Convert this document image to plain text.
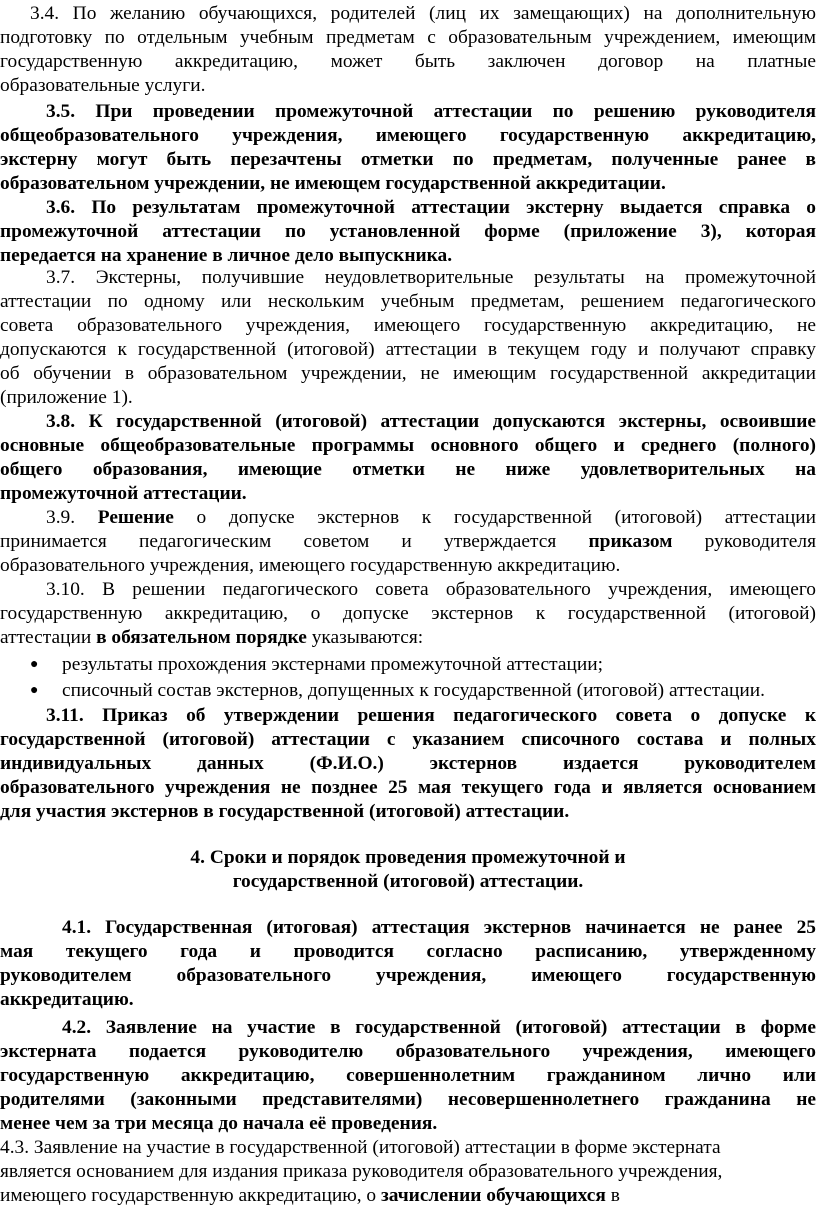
3.4. По желанию обучающихся, родителей (лиц их замещающих) на дополнительную
подготовку по отдельным учебным предметам с образовательным учреждением, имеющим
государственную аккредитацию, может быть заключен договор на платные
образовательные услуги.
3.5. При проведении промежуточной аттестации по решению руководителя
общеобразовательного учреждения, имеющего государственную аккредитацию,
экстерну могут быть перезачтены отметки по предметам, полученные ранее в
образовательном учреждении, не имеющем государственной аккредитации.
3.6. По результатам промежуточной аттестации экстерну выдается справка о
промежуточной аттестации по установленной форме (приложение 3), которая
передается на хранение в личное дело выпускника.
3.7. Экстерны, получившие неудовлетворительные результаты на промежуточной
аттестации по одному или нескольким учебным предметам, решением педагогического
совета образовательного учреждения, имеющего государственную аккредитацию, не
допускаются к государственной (итоговой) аттестации в текущем году и получают справку
об обучении в образовательном учреждении, не имеющим государственной аккредитации
(приложение 1).
3.8. К государственной (итоговой) аттестации допускаются экстерны, освоившие
основные общеобразовательные программы основного общего и среднего (полного)
общего образования, имеющие отметки не ниже удовлетворительных на
промежуточной аттестации.
3.9. Решение о допуске экстернов к государственной (итоговой) аттестации
принимается педагогическим советом и утверждается приказом руководителя
образовательного учреждения, имеющего государственную аккредитацию.
3.10. В решении педагогического совета образовательного учреждения, имеющего
государственную аккредитацию, о допуске экстернов к государственной (итоговой)
аттестации в обязательном порядке указываются:
● результаты прохождения экстернами промежуточной аттестации;
● списочный состав экстернов, допущенных к государственной (итоговой) аттестации.
3.11. Приказ об утверждении решения педагогического совета о допуске к
государственной (итоговой) аттестации с указанием списочного состава и полных
индивидуальных данных (Ф.И.О.) экстернов издается руководителем
образовательного учреждения не позднее 25 мая текущего года и является основанием
для участия экстернов в государственной (итоговой) аттестации.
4. Сроки и порядок проведения промежуточной и
государственной (итоговой) аттестации.
4.1. Государственная (итоговая) аттестация экстернов начинается не ранее 25
мая текущего года и проводится согласно расписанию, утвержденному
руководителем образовательного учреждения, имеющего государственную
аккредитацию.
4.2. Заявление на участие в государственной (итоговой) аттестации в форме
экстерната подается руководителю образовательного учреждения, имеющего
государственную аккредитацию, совершеннолетним гражданином лично или
родителями (законными представителями) несовершеннолетнего гражданина не
менее чем за три месяца до начала её проведения.
4.3. Заявление на участие в государственной (итоговой) аттестации в форме экстерната
является основанием для издания приказа руководителя образовательного учреждения,
имеющего государственную аккредитацию, о зачислении обучающихся в
